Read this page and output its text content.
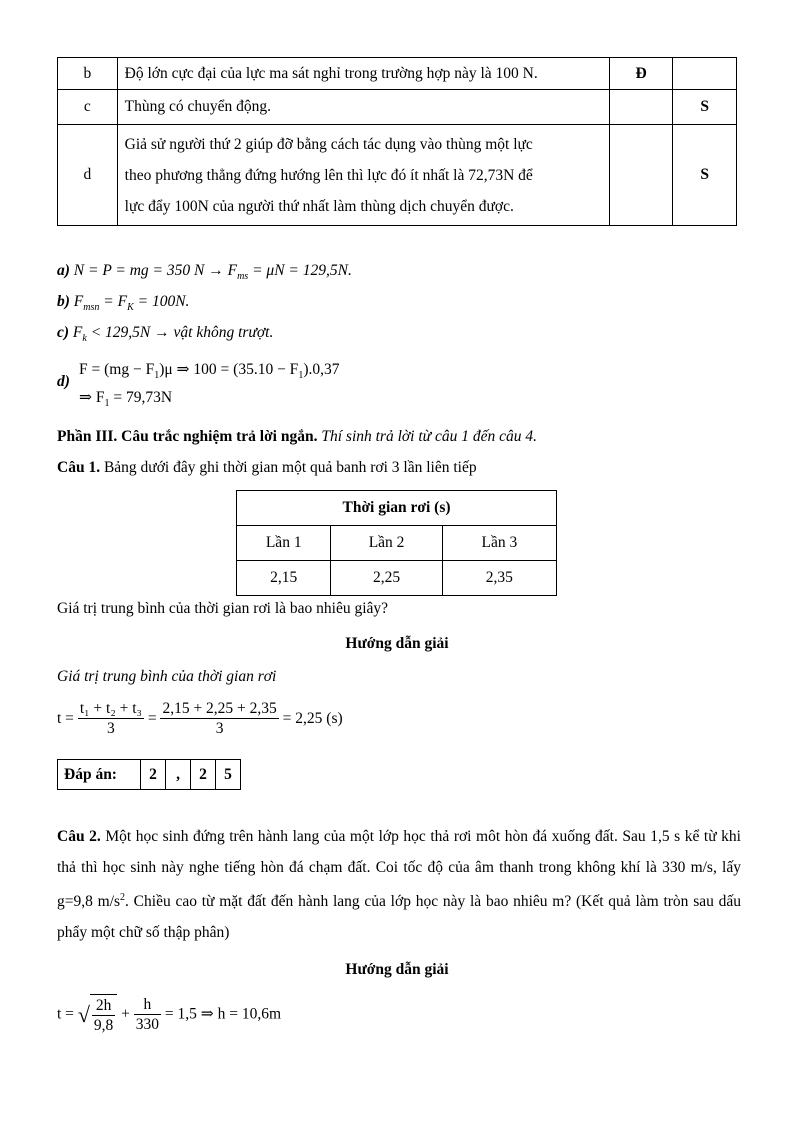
b	Độ lớn cực đại của lực ma sát nghỉ trong trường hợp này là 100 N.	Đ	
c	Thùng có chuyển động.		S
d	Giả sử người thứ 2 giúp đỡ bằng cách tác dụng vào thùng một lực
theo phương thẳng đứng hướng lên thì lực đó ít nhất là 72,73N để
lực đẩy 100N của người thứ nhất làm thùng dịch chuyển được.		S
a) N = P = mg = 350 $N \to F_{ms} = \mu N = 129,5N$.
b) $F_{msn} = F_K = 100N$.
c) $F_k < 129,5N$ → vật không trượt.
d)
$F = (mg - F_1)\mu$ ⇒ $100 = (35.10 - F_1).0,37$
⇒ $F_1 = 79,73N$
Phần III. Câu trắc nghiệm trả lời ngắn. Thí sinh trả lời từ câu 1 đến câu 4.
Câu 1. Bảng dưới đây ghi thời gian một quả banh rơi 3 lần liên tiếp
Thời gian rơi (s)		
Lần 1	Lần 2	Lần 3
2,15	2,25	2,35
Giá trị trung bình của thời gian rơi là bao nhiêu giây?
Hướng dẫn giải
Giá trị trung bình của thời gian rơi
$t = \frac{\text{t₁ + t₂ + t₃}}{3} = \frac{2,15 + 2,25 + 2,35}{3} = 2,25$ (s)
Đáp án:	2	,	2	5
Câu 2. Một học sinh đứng trên hành lang của một lớp học thả rơi môt hòn đá xuống đất. Sau 1,5 s kể từ khi thả thì học sinh này nghe tiếng hòn đá chạm đất. Coi tốc độ của âm thanh trong không khí là 330 m/s, lấy g=9,8 $m/s^2$. Chiều cao từ mặt đất đến hành lang của lớp học này là bao nhiêu m? (Kết quả làm tròn sau dấu phẩy một chữ số thập phân)
Hướng dẫn giải
t = √ $\frac{2h}{9,8} + \frac{h}{330} = 1,5$ ⇒ h = 10,6m
